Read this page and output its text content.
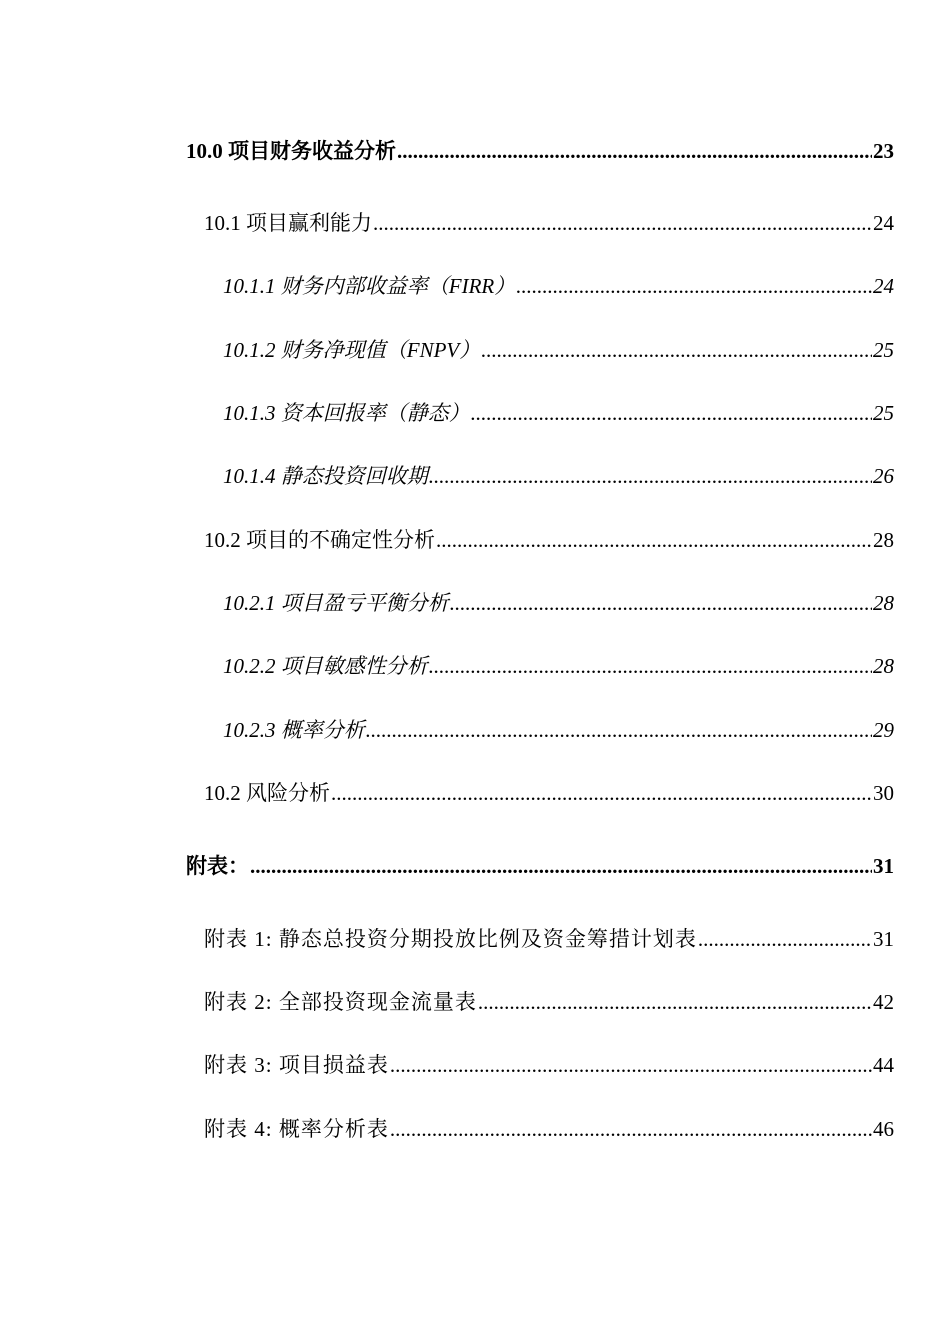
10.0 项目财务收益分析 .....	23
10.1 项目赢利能力 .....	24
10.1.1 财务内部收益率（FIRR） .....	24
10.1.2 财务净现值（FNPV） .....	25
10.1.3 资本回报率（静态） .....	25
10.1.4 静态投资回收期 .....	26
10.2 项目的不确定性分析 .....	28
10.2.1 项目盈亏平衡分析 .....	28
10.2.2 项目敏感性分析 .....	28
10.2.3 概率分析 .....	29
10.2 风险分析 .....	30
附表： .....	31
附表 1: 静态总投资分期投放比例及资金筹措计划表 .....	31
附表 2: 全部投资现金流量表 .....	42
附表 3: 项目损益表 .....	44
附表 4: 概率分析表 .....	46
